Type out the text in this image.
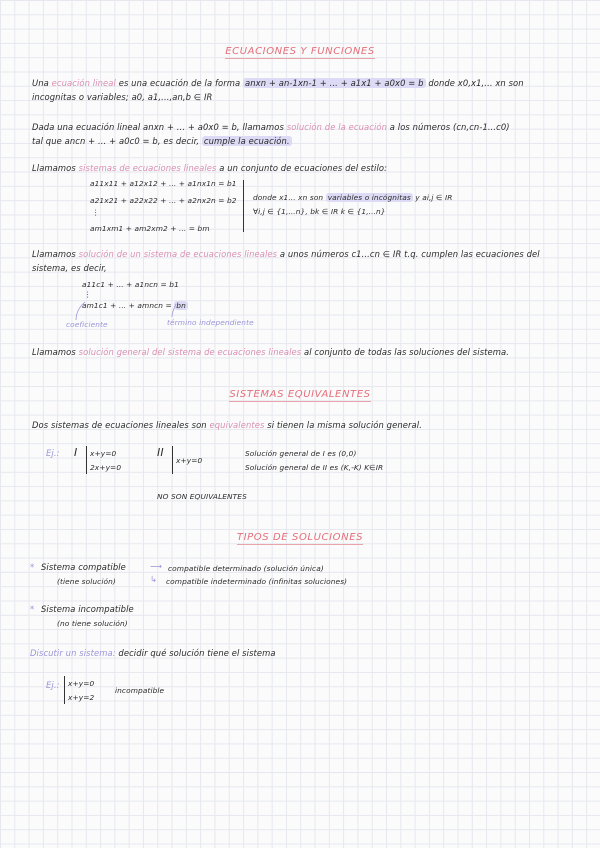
ECUACIONES Y FUNCIONES
Una ecuación lineal es una ecuación de la forma anxn + an-1xn-1 + ... + a1x1 + a0x0 = b donde x0,x1,... xn son
incognitas o variables; a0, a1,...,an,b ∈ IR
Dada una ecuación lineal anxn + ... + a0x0 = b, llamamos solución de la ecuación a los números (cn,cn-1...c0)
tal que ancn + ... + a0c0 = b, es decir, cumple la ecuación.
Llamamos sistemas de ecuaciones lineales a un conjunto de ecuaciones del estilo:
a11x11 + a12x12 + ... + a1nx1n = b1
a21x21 + a22x22 + ... + a2nx2n = b2
⋮
am1xm1 + am2xm2 + ... = bm
donde x1... xn son variables o incógnitas y ai,j ∈ IR
∀i,j ∈ {1,...n}, bk ∈ IR k ∈ {1,...n}
Llamamos solución de un sistema de ecuaciones lineales a unos números c1...cn ∈ IR t.q. cumplen las ecuaciones del
sistema, es decir,
a11c1 + ... + a1ncn = b1
⋮
am1c1 + ... + amncn = bn
coeficiente	término independiente
Llamamos solución general del sistema de ecuaciones lineales al conjunto de todas las soluciones del sistema.
SISTEMAS EQUIVALENTES
Dos sistemas de ecuaciones lineales son equivalentes si tienen la misma solución general.
Ej.: I x+y=0
2x+y=0
II
x+y=0
Solución general de I es (0,0)
Solución general de II es (K,-K) K∈IR
NO SON EQUIVALENTES
TIPOS DE SOLUCIONES
* Sistema compatible
(tiene solución)
⟶ compatible determinado (solución única)
↳ compatible indeterminado (infinitas soluciones)
* Sistema incompatible
(no tiene solución)
Discutir un sistema: decidir qué solución tiene el sistema
Ej.: x+y=0
x+y=2
incompatible
